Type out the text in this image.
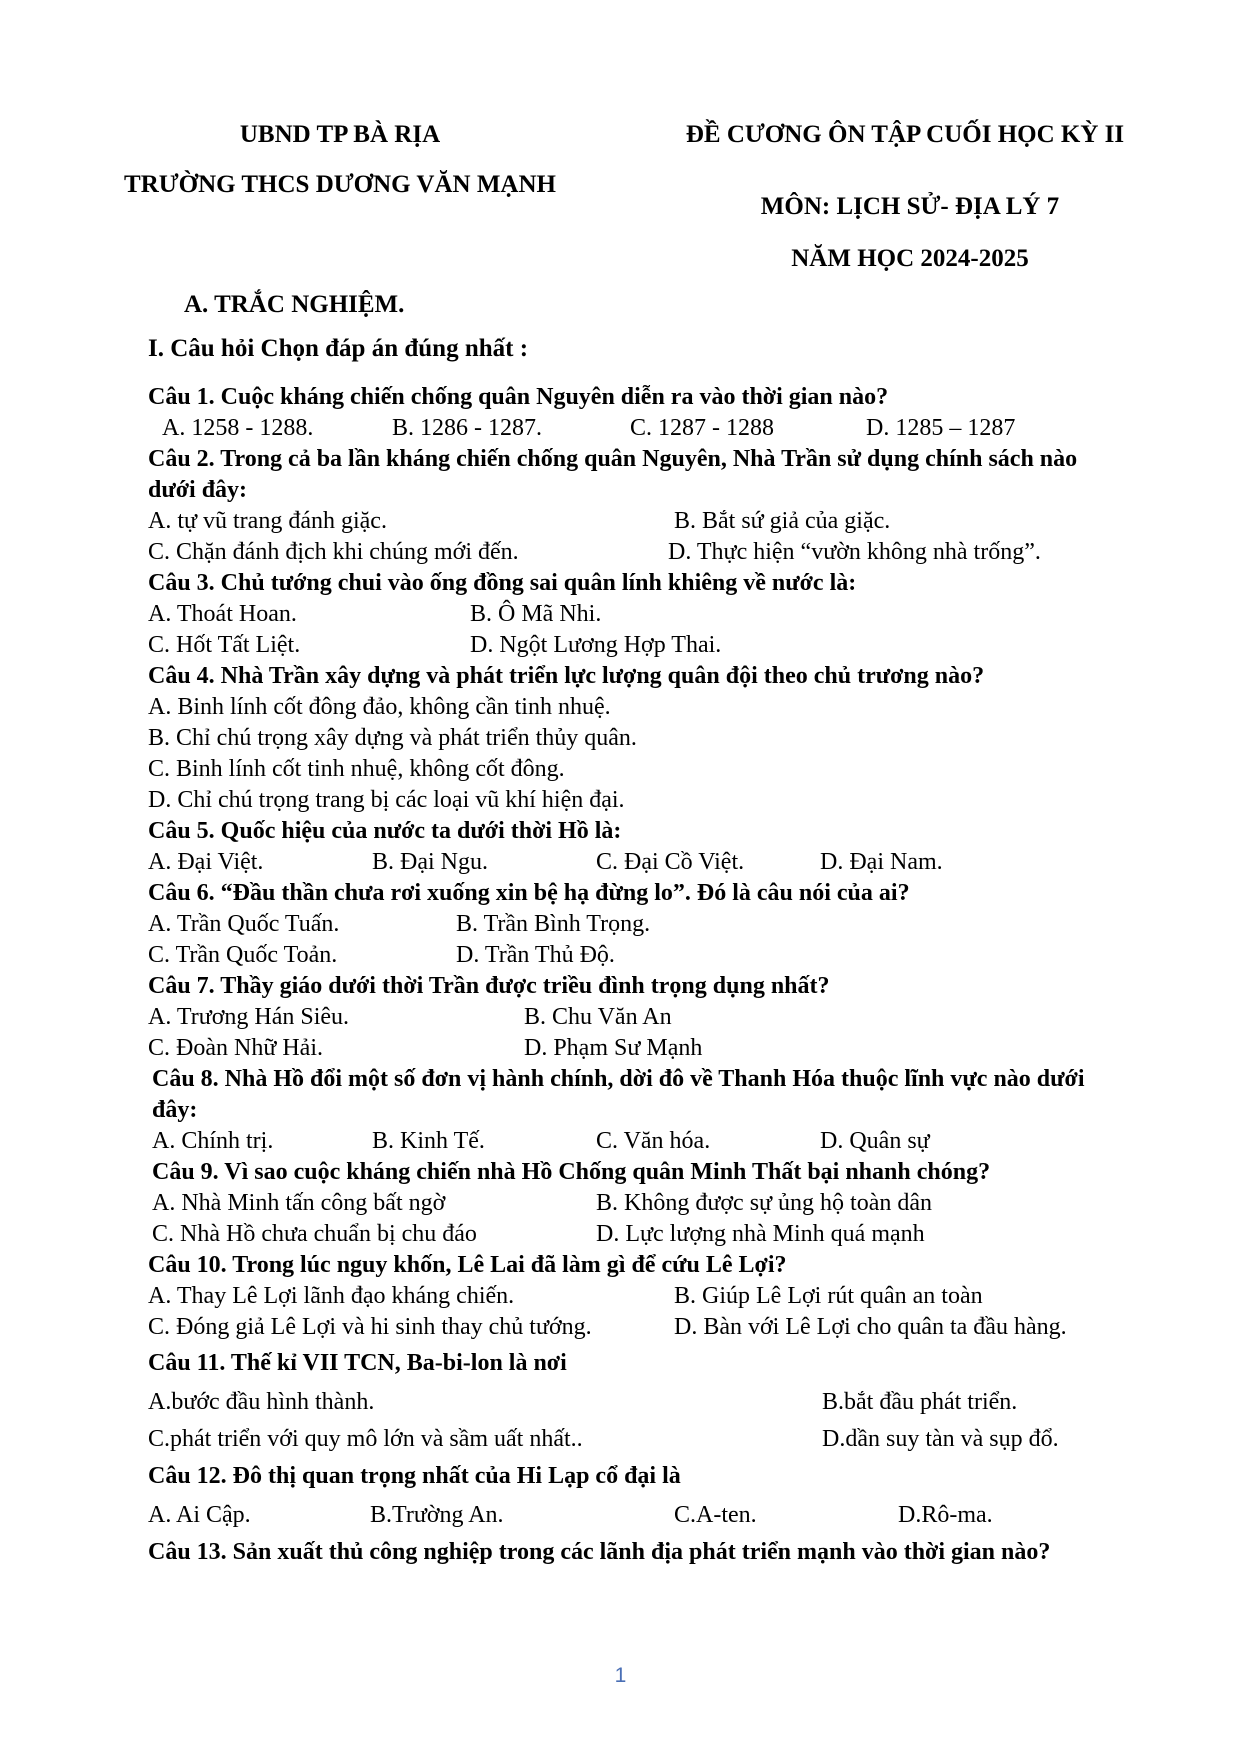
UBND TP BÀ RỊA
TRƯỜNG THCS DƯƠNG VĂN MẠNH
ĐỀ CƯƠNG ÔN TẬP CUỐI HỌC KỲ II
MÔN: LỊCH SỬ- ĐỊA LÝ 7
NĂM HỌC 2024-2025
A. TRẮC NGHIỆM.
I. Câu hỏi Chọn đáp án đúng nhất :
Câu 1. Cuộc kháng chiến chống quân Nguyên diễn ra vào thời gian nào?
A. 1258 - 1288.	B. 1286 - 1287.	C. 1287 - 1288	D. 1285 – 1287
Câu 2. Trong cả ba lần kháng chiến chống quân Nguyên, Nhà Trần sử dụng chính sách nào dưới đây:
A. tự vũ trang đánh giặc.	B. Bắt sứ giả của giặc.
C. Chặn đánh địch khi chúng mới đến.	D. Thực hiện “vườn không nhà trống”.
Câu 3. Chủ tướng chui vào ống đồng sai quân lính khiêng về nước là:
A. Thoát Hoan.	B. Ô Mã Nhi.
C. Hốt Tất Liệt.	D. Ngột Lương Hợp Thai.
Câu 4. Nhà Trần xây dựng và phát triển lực lượng quân đội theo chủ trương nào?
A. Binh lính cốt đông đảo, không cần tinh nhuệ.
B. Chỉ chú trọng xây dựng và phát triển thủy quân.
C. Binh lính cốt tinh nhuệ, không cốt đông.
D. Chỉ chú trọng trang bị các loại vũ khí hiện đại.
Câu 5. Quốc hiệu của nước ta dưới thời Hồ là:
A. Đại Việt.	B. Đại Ngu.	C. Đại Cồ Việt.	D. Đại Nam.
Câu 6. “Đầu thần chưa rơi xuống xin bệ hạ đừng lo”. Đó là câu nói của ai?
A. Trần Quốc Tuấn.	B. Trần Bình Trọng.
C. Trần Quốc Toản.	D. Trần Thủ Độ.
Câu 7. Thầy giáo dưới thời Trần được triều đình trọng dụng nhất?
A. Trương Hán Siêu.	B. Chu Văn An
C. Đoàn Nhữ Hải.	D. Phạm Sư Mạnh
Câu 8. Nhà Hồ đổi một số đơn vị hành chính, dời đô về Thanh Hóa thuộc lĩnh vực nào dưới đây:
A. Chính trị.	B. Kinh Tế.	C. Văn hóa.	D. Quân sự
Câu 9. Vì sao cuộc kháng chiến nhà Hồ Chống quân Minh Thất bại nhanh chóng?
A. Nhà Minh tấn công bất ngờ	B. Không được sự ủng hộ toàn dân
C. Nhà Hồ chưa chuẩn bị chu đáo	D. Lực lượng nhà Minh quá mạnh
Câu 10. Trong lúc nguy khốn, Lê Lai đã làm gì để cứu Lê Lợi?
A. Thay Lê Lợi lãnh đạo kháng chiến.	B. Giúp Lê Lợi rút quân an toàn
C. Đóng giả Lê Lợi và hi sinh thay chủ tướng.	D. Bàn với Lê Lợi cho quân ta đầu hàng.
Câu 11. Thế kỉ VII TCN, Ba-bi-lon là nơi
A.bước đầu hình thành.	B.bắt đầu phát triển.
C.phát triển với quy mô lớn và sầm uất nhất..	D.dần suy tàn và sụp đổ.
Câu 12. Đô thị quan trọng nhất của Hi Lạp cổ đại là
A. Ai Cập.	B.Trường An.	C.A-ten.	D.Rô-ma.
Câu 13. Sản xuất thủ công nghiệp trong các lãnh địa phát triển mạnh vào thời gian nào?
1
